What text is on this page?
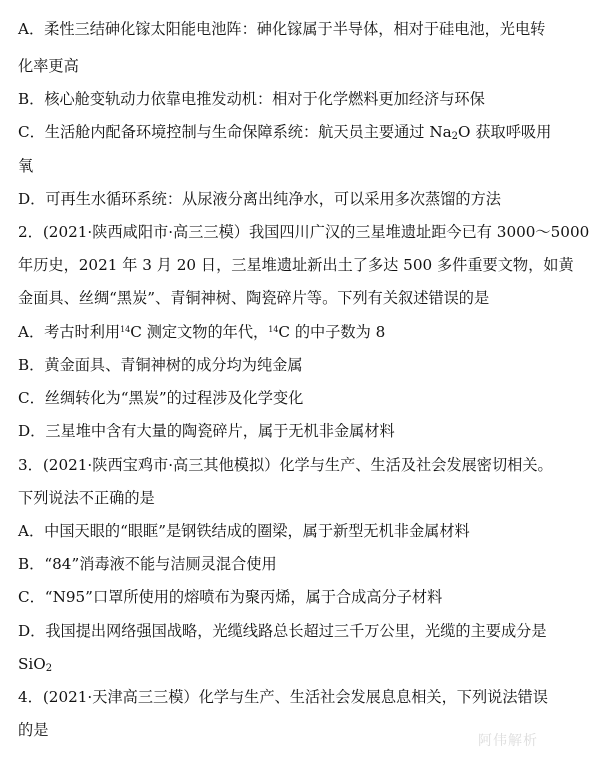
A．柔性三结砷化镓太阳能电池阵：砷化镓属于半导体，相对于硅电池，光电转
化率更高
B．核心舱变轨动力依靠电推发动机：相对于化学燃料更加经济与环保
C．生活舱内配备环境控制与生命保障系统：航天员主要通过 $Na_2O$ 获取呼吸用
氧
D．可再生水循环系统：从尿液分离出纯净水，可以采用多次蒸馏的方法
2．(2021·陕西咸阳市·高三三模）我国四川广汉的三星堆遗址距今已有 3000～5000
年历史，2021 年 3 月 20 日，三星堆遗址新出土了多达 500 多件重要文物，如黄
金面具、丝绸“黑炭”、青铜神树、陶瓷碎片等。下列有关叙述错误的是
A．考古时利用$^{14}$C 测定文物的年代，$^{14}$C 的中子数为 8
B．黄金面具、青铜神树的成分均为纯金属
C．丝绸转化为“黑炭”的过程涉及化学变化
D．三星堆中含有大量的陶瓷碎片，属于无机非金属材料
3．(2021·陕西宝鸡市·高三其他模拟）化学与生产、生活及社会发展密切相关。
下列说法不正确的是
A．中国天眼的“眼眶”是钢铁结成的圈梁，属于新型无机非金属材料
B．“84”消毒液不能与洁厕灵混合使用
C．“N95”口罩所使用的熔喷布为聚丙烯，属于合成高分子材料
D．我国提出网络强国战略，光缆线路总长超过三千万公里，光缆的主要成分是
SiO$_2$
4．(2021·天津高三三模）化学与生产、生活社会发展息息相关，下列说法错误
的是
阿伟解析
